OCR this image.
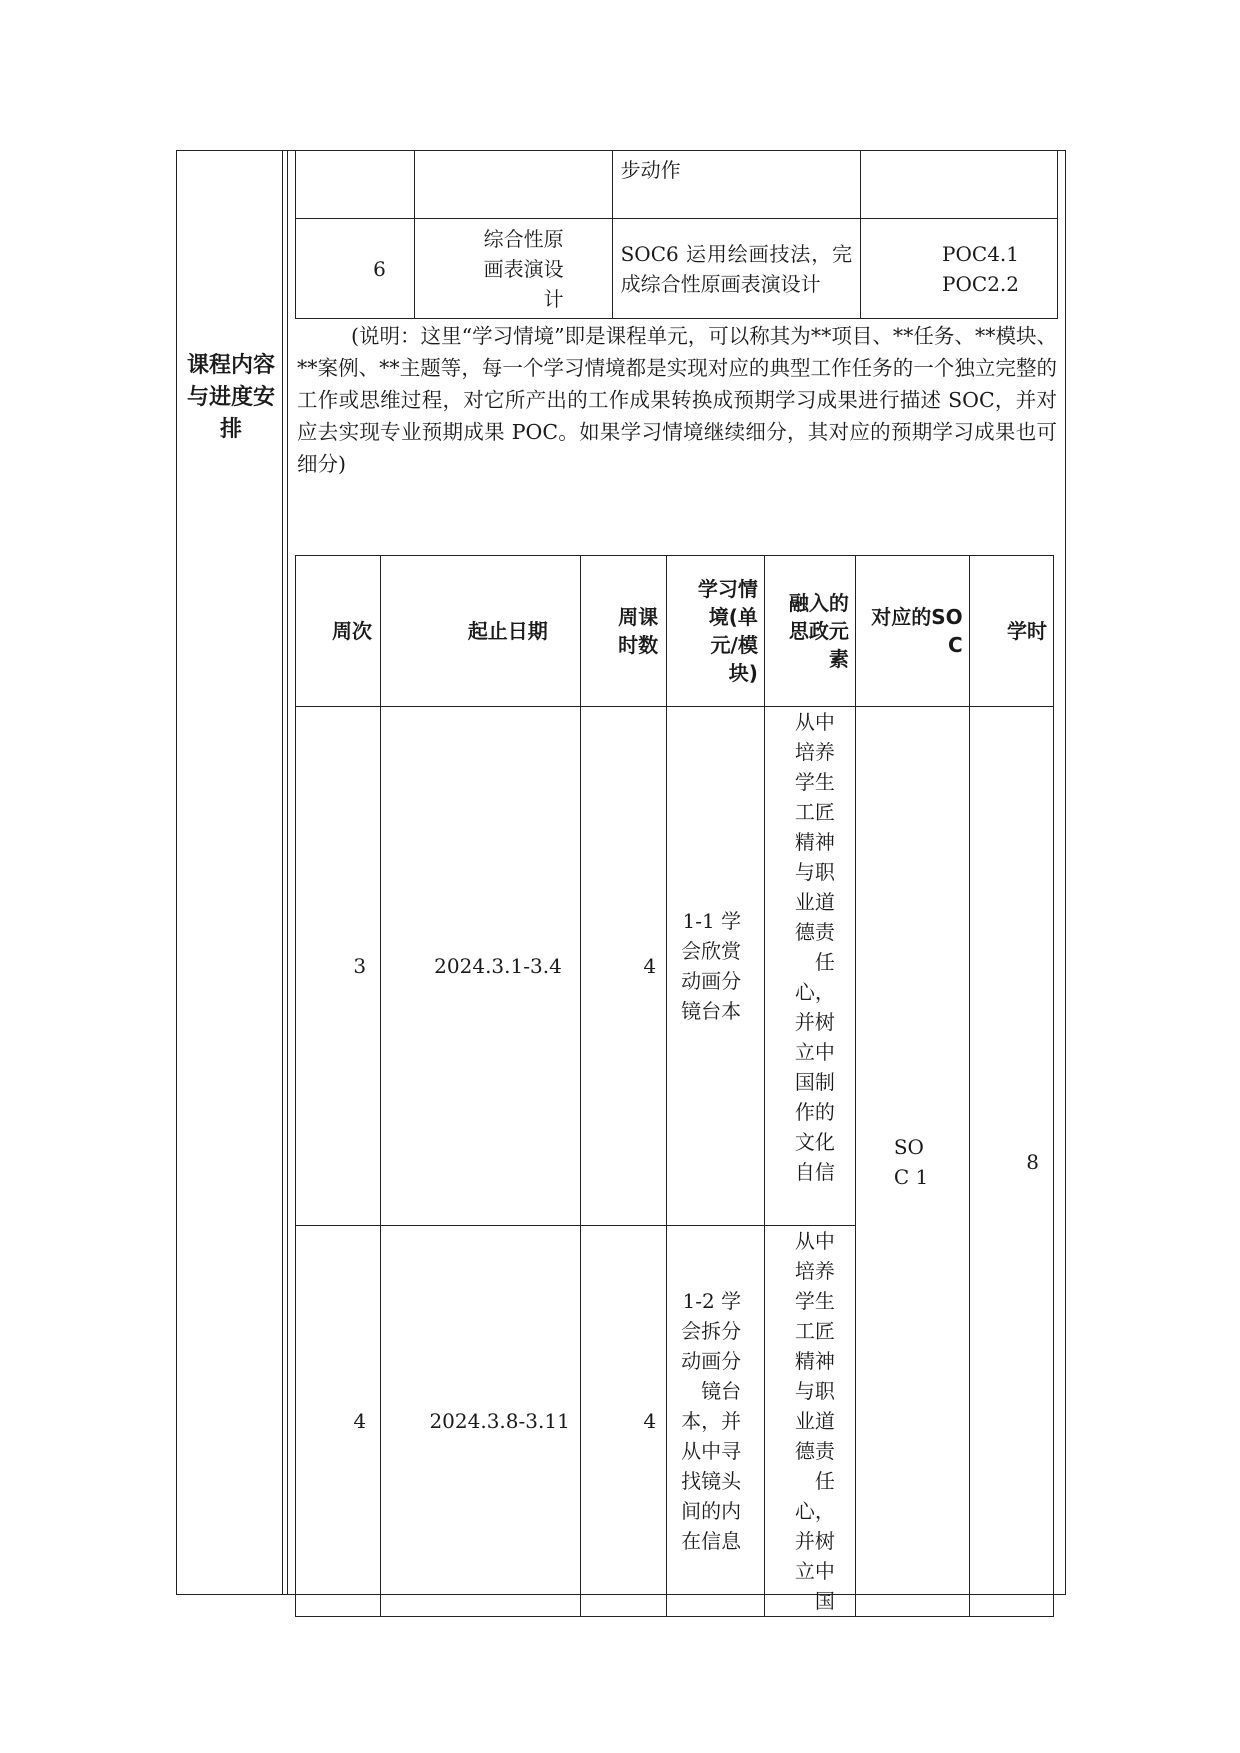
课程内容与进度安排
		步动作	
6	综合性原画表演设计	SOC6 运用绘画技法，完成综合性原画表演设计	POC4.1
POC2.2
(说明：这里“学习情境”即是课程单元，可以称其为**项目、**任务、**模块、**案例、**主题等，每一个学习情境都是实现对应的典型工作任务的一个独立完整的工作或思维过程，对它所产出的工作成果转换成预期学习成果进行描述 SOC，并对应去实现专业预期成果 POC。如果学习情境继续细分，其对应的预期学习成果也可细分)
周次	起止日期	周课时数	学习情境(单元/模块)	融入的思政元素	对应的SOC	学时
3	2024.3.1-3.4	4	1-1 学会欣赏动画分镜台本	从中培养学生工匠精神与职业道德责任心，并树立中国制作的文化自信	SOC 1	8
4	2024.3.8-3.11	4	1-2 学会拆分动画分镜台本，并从中寻找镜头间的内在信息	从中培养学生工匠精神与职业道德责任心，并树立中国		
